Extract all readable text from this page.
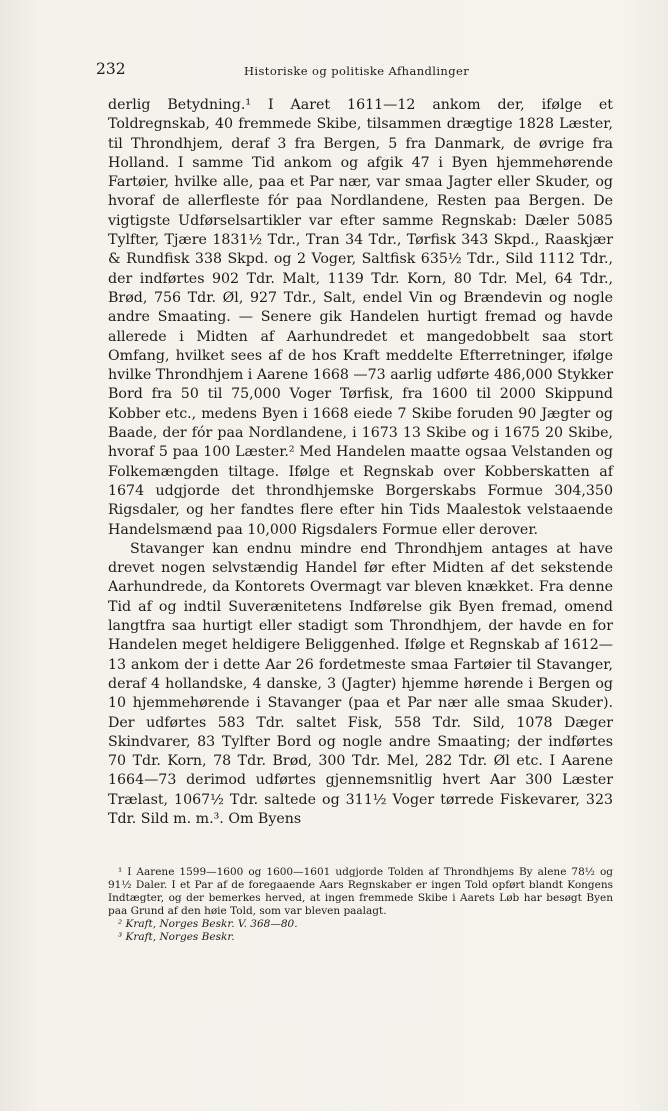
232	Historiske og politiske Afhandlinger

derlig Betydning.¹ I Aaret 1611—12 ankom der, ifølge et Toldregnskab, 40 fremmede Skibe, tilsammen drægtige 1828 Læster, til Throndhjem, deraf 3 fra Bergen, 5 fra Danmark, de øvrige fra Holland. I samme Tid ankom og afgik 47 i Byen hjemmehørende Fartøier, hvilke alle, paa et Par nær, var smaa Jagter eller Skuder, og hvoraf de allerfleste fór paa Nordlandene, Resten paa Bergen. De vigtigste Udførselsartikler var efter samme Regnskab: Dæler 5085 Tylfter, Tjære 1831½ Tdr., Tran 34 Tdr., Tørfisk 343 Skpd., Raaskjær & Rundfisk 338 Skpd. og 2 Voger, Saltfisk 635½ Tdr., Sild 1112 Tdr., der indførtes 902 Tdr. Malt, 1139 Tdr. Korn, 80 Tdr. Mel, 64 Tdr., Brød, 756 Tdr. Øl, 927 Tdr., Salt, endel Vin og Brændevin og nogle andre Smaating. — Senere gik Handelen hurtigt fremad og havde allerede i Midten af Aarhundredet et mangedobbelt saa stort Omfang, hvilket sees af de hos Kraft meddelte Efterretninger, ifølge hvilke Throndhjem i Aarene 1668 —73 aarlig udførte 486,000 Stykker Bord fra 50 til 75,000 Voger Tørfisk, fra 1600 til 2000 Skippund Kobber etc., medens Byen i 1668 eiede 7 Skibe foruden 90 Jægter og Baade, der fór paa Nordlandene, i 1673 13 Skibe og i 1675 20 Skibe, hvoraf 5 paa 100 Læster.² Med Handelen maatte ogsaa Velstanden og Folkemængden tiltage. Ifølge et Regnskab over Kobberskatten af 1674 udgjorde det throndhjemske Borgerskabs Formue 304,350 Rigsdaler, og her fandtes flere efter hin Tids Maalestok velstaaende Handelsmænd paa 10,000 Rigsdalers Formue eller derover.

Stavanger kan endnu mindre end Throndhjem antages at have drevet nogen selvstændig Handel før efter Midten af det sekstende Aarhundrede, da Kontorets Overmagt var bleven knækket. Fra denne Tid af og indtil Suverænitetens Indførelse gik Byen fremad, omend langtfra saa hurtigt eller stadigt som Throndhjem, der havde en for Handelen meget heldigere Beliggenhed. Ifølge et Regnskab af 1612—13 ankom der i dette Aar 26 fordetmeste smaa Fartøier til Stavanger, deraf 4 hollandske, 4 danske, 3 (Jagter) hjemme hørende i Bergen og 10 hjemmehørende i Stavanger (paa et Par nær alle smaa Skuder). Der udførtes 583 Tdr. saltet Fisk, 558 Tdr. Sild, 1078 Dæger Skindvarer, 83 Tylfter Bord og nogle andre Smaating; der indførtes 70 Tdr. Korn, 78 Tdr. Brød, 300 Tdr. Mel, 282 Tdr. Øl etc. I Aarene 1664—73 derimod udførtes gjennemsnitlig hvert Aar 300 Læster Trælast, 1067½ Tdr. saltede og 311½ Voger tørrede Fiskevarer, 323 Tdr. Sild m. m.³. Om Byens

¹ I Aarene 1599—1600 og 1600—1601 udgjorde Tolden af Throndhjems By alene 78½ og 91½ Daler. I et Par af de foregaaende Aars Regnskaber er ingen Told opført blandt Kongens Indtægter, og der bemerkes herved, at ingen fremmede Skibe i Aarets Løb har besøgt Byen paa Grund af den høie Told, som var bleven paalagt.

² Kraft, Norges Beskr. V. 368—80.

³ Kraft, Norges Beskr.
